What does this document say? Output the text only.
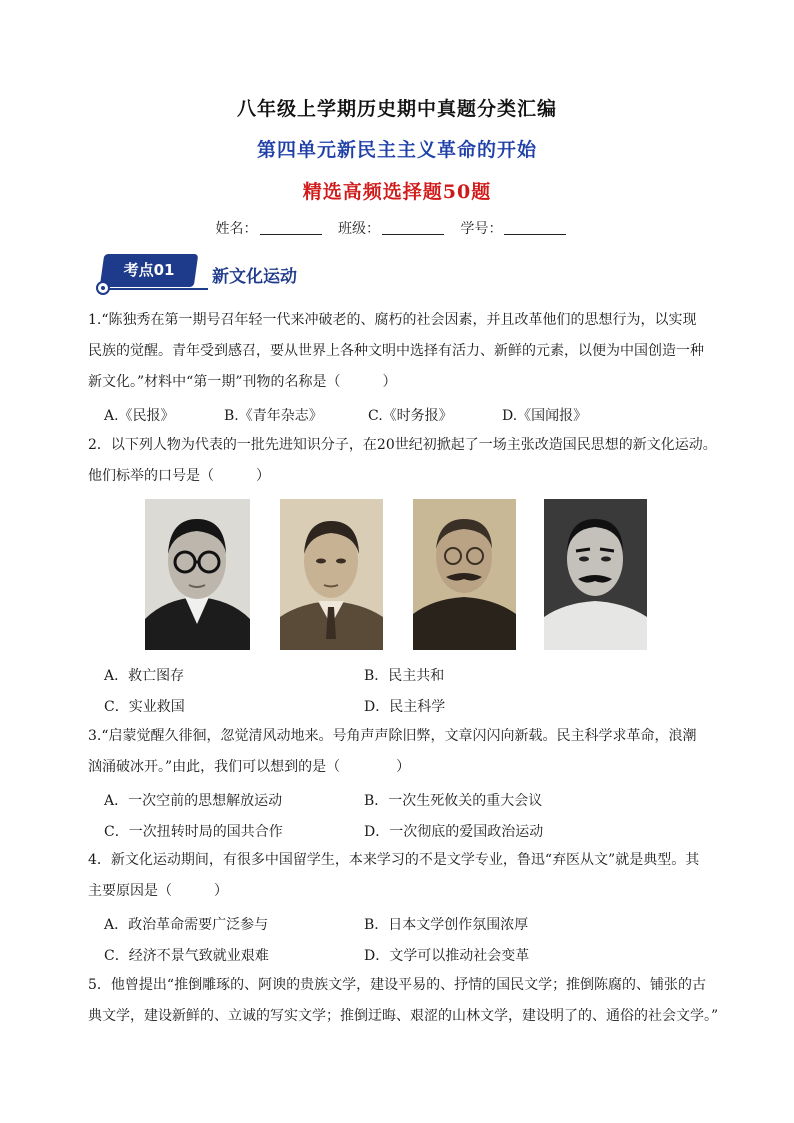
八年级上学期历史期中真题分类汇编
第四单元新民主主义革命的开始
精选高频选择题50题
姓名：	班级：	学号：
考点01	新文化运动
1.“陈独秀在第一期号召年轻一代来冲破老的、腐朽的社会因素，并且改革他们的思想行为，以实现
民族的觉醒。青年受到感召，要从世界上各种文明中选择有活力、新鲜的元素，以便为中国创造一种
新文化。”材料中“第一期”刊物的名称是（　　　）
A.《民报》	B.《青年杂志》	C.《时务报》	D.《国闻报》
2．以下列人物为代表的一批先进知识分子，在20世纪初掀起了一场主张改造国民思想的新文化运动。
他们标举的口号是（　　　）
A．救亡图存	B．民主共和
C．实业救国	D．民主科学
3.“启蒙觉醒久徘徊，忽觉清风动地来。号角声声除旧弊，文章闪闪向新载。民主科学求革命，浪潮
汹涌破冰开。”由此，我们可以想到的是（　　　　）
A．一次空前的思想解放运动	B．一次生死攸关的重大会议
C．一次扭转时局的国共合作	D．一次彻底的爱国政治运动
4．新文化运动期间，有很多中国留学生，本来学习的不是文学专业，鲁迅“弃医从文”就是典型。其
主要原因是（　　　）
A．政治革命需要广泛参与	B．日本文学创作氛围浓厚
C．经济不景气致就业艰难	D．文学可以推动社会变革
5．他曾提出“推倒雕琢的、阿谀的贵族文学，建设平易的、抒情的国民文学；推倒陈腐的、铺张的古
典文学，建设新鲜的、立诚的写实文学；推倒迂晦、艰涩的山林文学，建设明了的、通俗的社会文学。”
